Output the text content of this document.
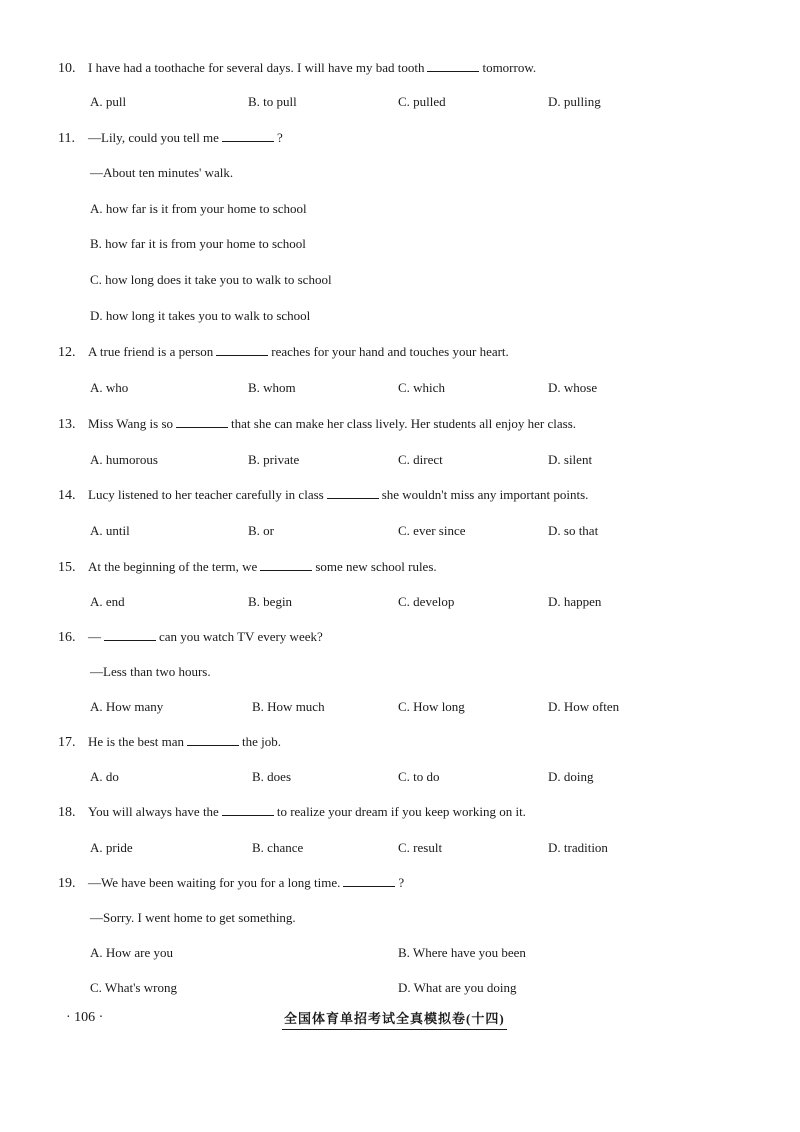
10. I have had a toothache for several days. I will have my bad tooth	tomorrow.
A. pull	B. to pull	C. pulled	D. pulling
11. —Lily, could you tell me	?
—About ten minutes' walk.
A. how far is it from your home to school
B. how far it is from your home to school
C. how long does it take you to walk to school
D. how long it takes you to walk to school
12. A true friend is a person	reaches for your hand and touches your heart.
A. who	B. whom	C. which	D. whose
13. Miss Wang is so	that she can make her class lively. Her students all enjoy her class.
A. humorous	B. private	C. direct	D. silent
14. Lucy listened to her teacher carefully in class	she wouldn't miss any important points.
A. until	B. or	C. ever since	D. so that
15. At the beginning of the term, we	some new school rules.
A. end	B. begin	C. develop	D. happen
16. —	can you watch TV every week?
—Less than two hours.
A. How many	B. How much	C. How long	D. How often
17. He is the best man	the job.
A. do	B. does	C. to do	D. doing
18. You will always have the	to realize your dream if you keep working on it.
A. pride	B. chance	C. result	D. tradition
19. —We have been waiting for you for a long time.	?
—Sorry. I went home to get something.
A. How are you	B. Where have you been
C. What's wrong	D. What are you doing
· 106 ·	全国体育单招考试全真模拟卷(十四)
